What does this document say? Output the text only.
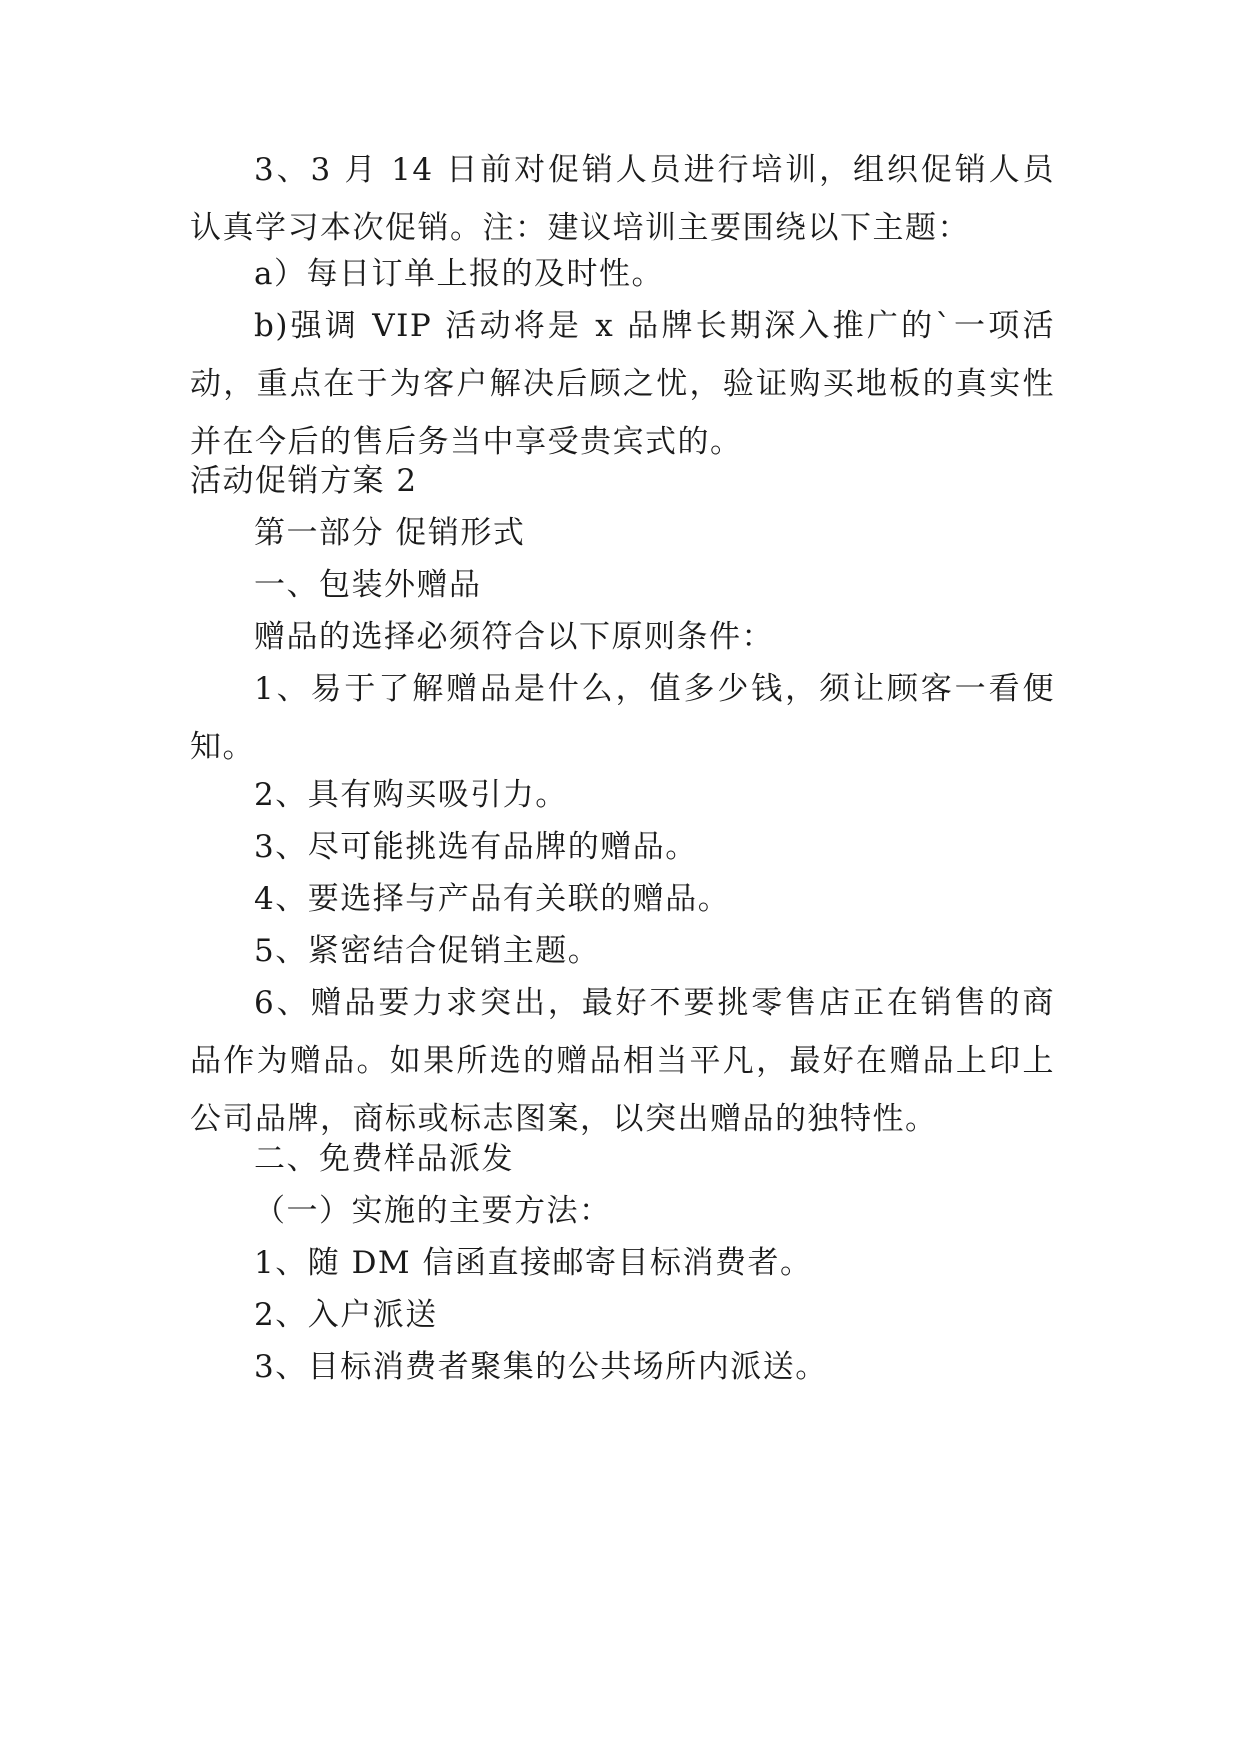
3、3 月 14 日前对促销人员进行培训，组织促销人员认真学习本次促销。注：建议培训主要围绕以下主题：

a）每日订单上报的及时性。

b)强调 VIP 活动将是 x 品牌长期深入推广的`一项活动，重点在于为客户解决后顾之忧，验证购买地板的真实性并在今后的售后务当中享受贵宾式的。

活动促销方案 2

第一部分 促销形式

一、包装外赠品

赠品的选择必须符合以下原则条件：

1、易于了解赠品是什么，值多少钱，须让顾客一看便知。

2、具有购买吸引力。

3、尽可能挑选有品牌的赠品。

4、要选择与产品有关联的赠品。

5、紧密结合促销主题。

6、赠品要力求突出，最好不要挑零售店正在销售的商品作为赠品。如果所选的赠品相当平凡，最好在赠品上印上公司品牌，商标或标志图案，以突出赠品的独特性。

二、免费样品派发

（一）实施的主要方法：

1、随 DM 信函直接邮寄目标消费者。

2、入户派送

3、目标消费者聚集的公共场所内派送。
